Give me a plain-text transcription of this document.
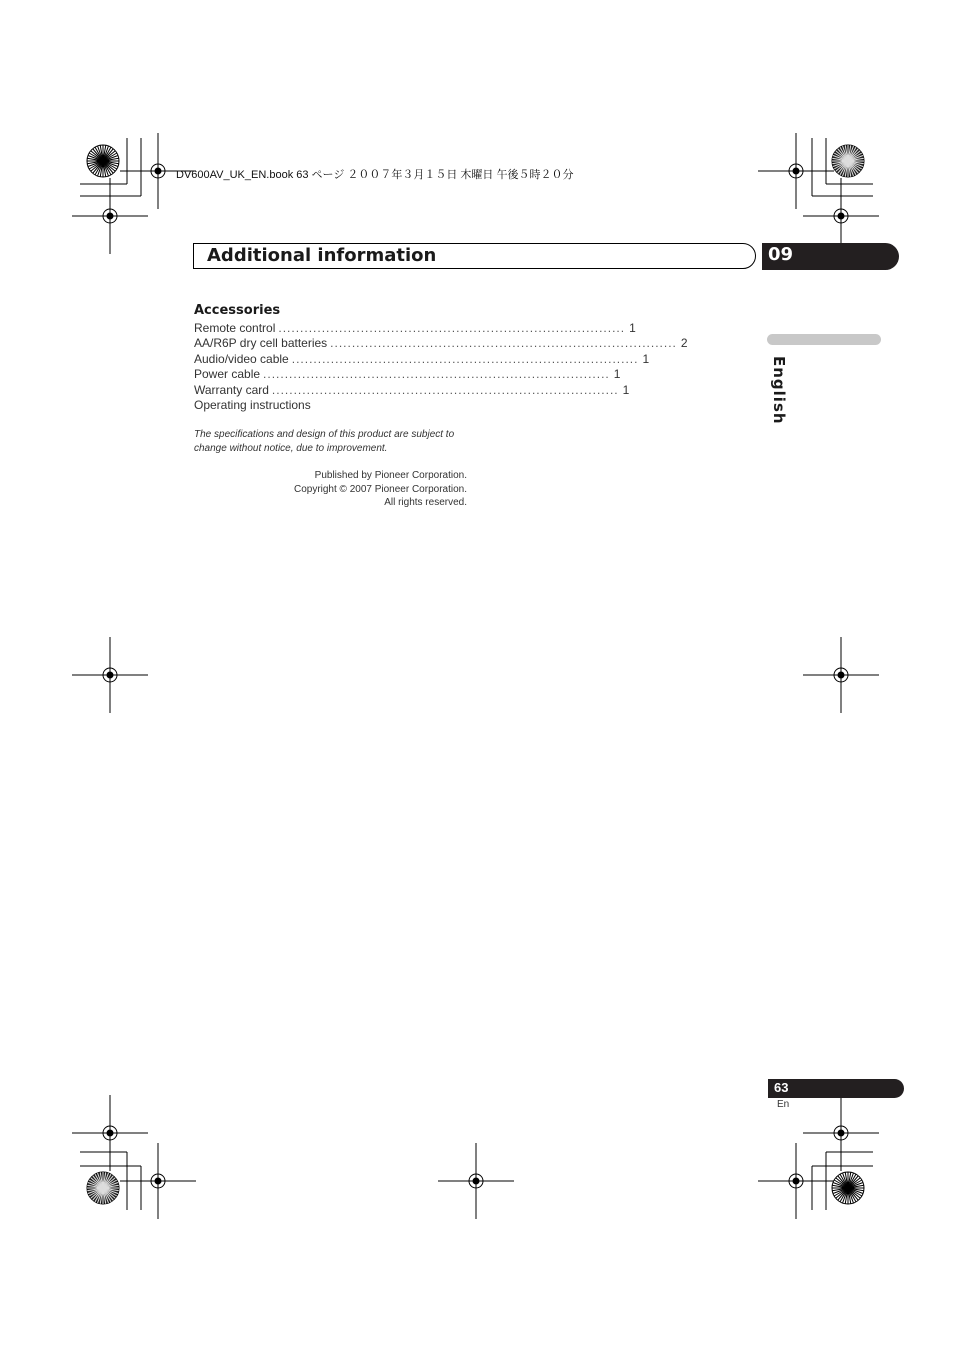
DV600AV_UK_EN.book 63 ページ ２００７年３月１５日 木曜日 午後５時２０分
Additional information	09
English
Accessories
Remote control ................................................................................ 1
AA/R6P dry cell batteries ................................................................................ 2
Audio/video cable ................................................................................ 1
Power cable ................................................................................ 1
Warranty card ................................................................................ 1
Operating instructions
The specifications and design of this product are subject to change without notice, due to improvement.
Published by Pioneer Corporation.
Copyright © 2007 Pioneer Corporation.
All rights reserved.
63
En
